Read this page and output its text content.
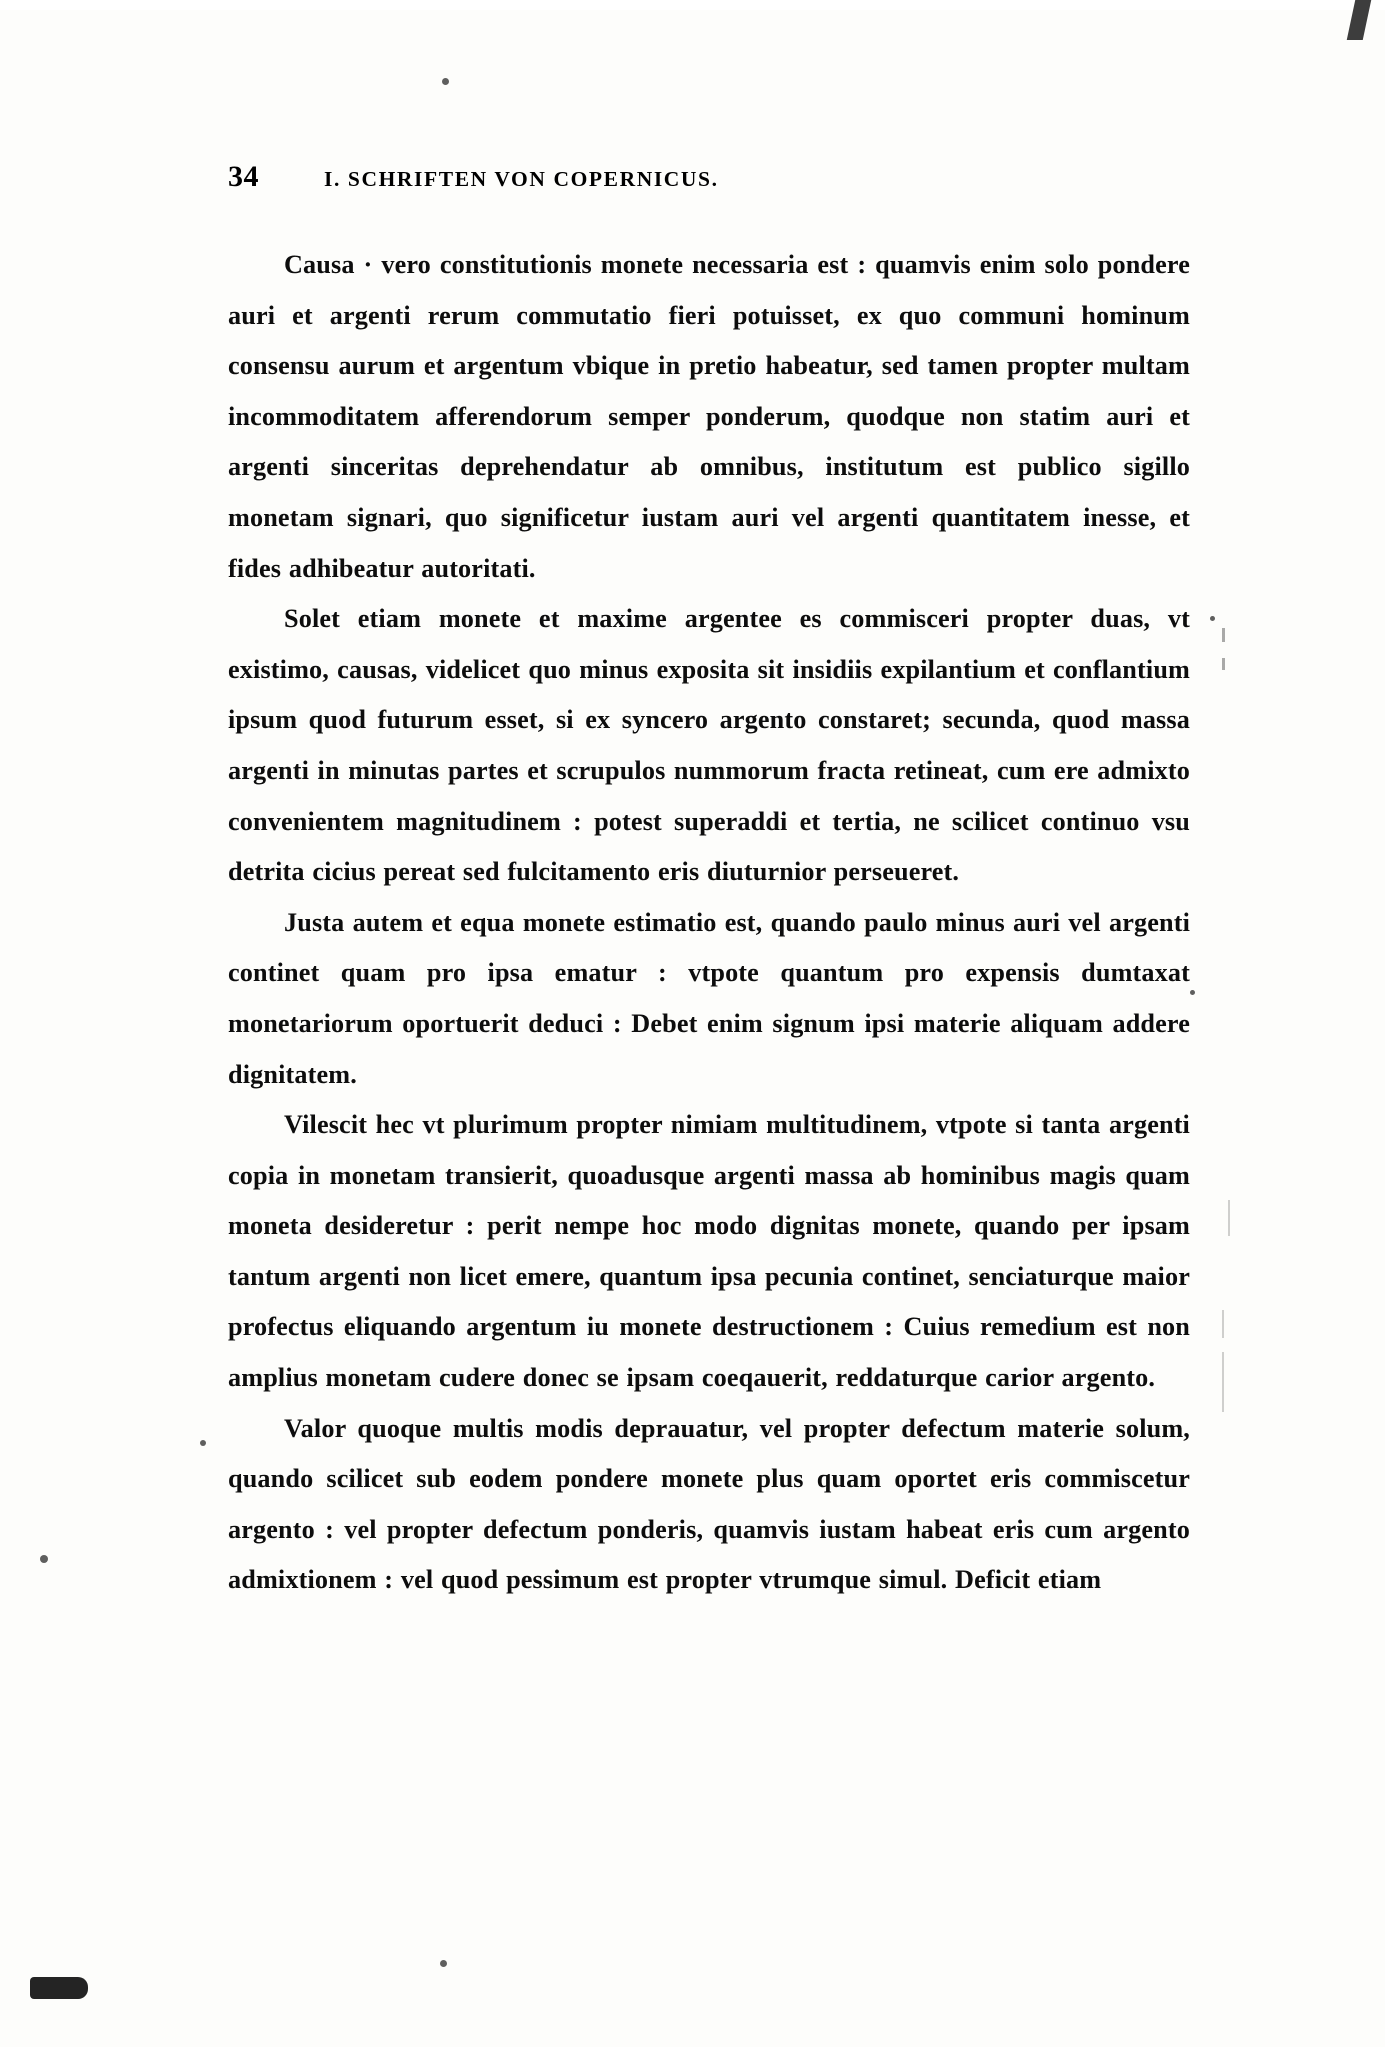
34	I. SCHRIFTEN VON COPERNICUS.

Causa · vero constitutionis monete necessaria est : quamvis enim solo pondere auri et argenti rerum commutatio fieri potuisset, ex quo communi hominum consensu aurum et argentum vbique in pretio habeatur, sed tamen propter multam incommoditatem afferendorum semper ponderum, quodque non statim auri et argenti sinceritas deprehendatur ab omnibus, institutum est publico sigillo monetam signari, quo significetur iustam auri vel argenti quantitatem inesse, et fides adhibeatur autoritati.

Solet etiam monete et maxime argentee es commisceri propter duas, vt existimo, causas, videlicet quo minus exposita sit insidiis expilantium et conflantium ipsum quod futurum esset, si ex syncero argento constaret; secunda, quod massa argenti in minutas partes et scrupulos nummorum fracta retineat, cum ere admixto convenientem magnitudinem : potest superaddi et tertia, ne scilicet continuo vsu detrita cicius pereat sed fulcitamento eris diuturnior perseueret.

Justa autem et equa monete estimatio est, quando paulo minus auri vel argenti continet quam pro ipsa ematur : vtpote quantum pro expensis dumtaxat monetariorum oportuerit deduci : Debet enim signum ipsi materie aliquam addere dignitatem.

Vilescit hec vt plurimum propter nimiam multitudinem, vtpote si tanta argenti copia in monetam transierit, quoadusque argenti massa ab hominibus magis quam moneta desideretur : perit nempe hoc modo dignitas monete, quando per ipsam tantum argenti non licet emere, quantum ipsa pecunia continet, senciaturque maior profectus eliquando argentum iu monete destructionem : Cuius remedium est non amplius monetam cudere donec se ipsam coeqauerit, reddaturque carior argento.

Valor quoque multis modis deprauatur, vel propter defectum materie solum, quando scilicet sub eodem pondere monete plus quam oportet eris commiscetur argento : vel propter defectum ponderis, quamvis iustam habeat eris cum argento admixtionem : vel quod pessimum est propter vtrumque simul. Deficit etiam
